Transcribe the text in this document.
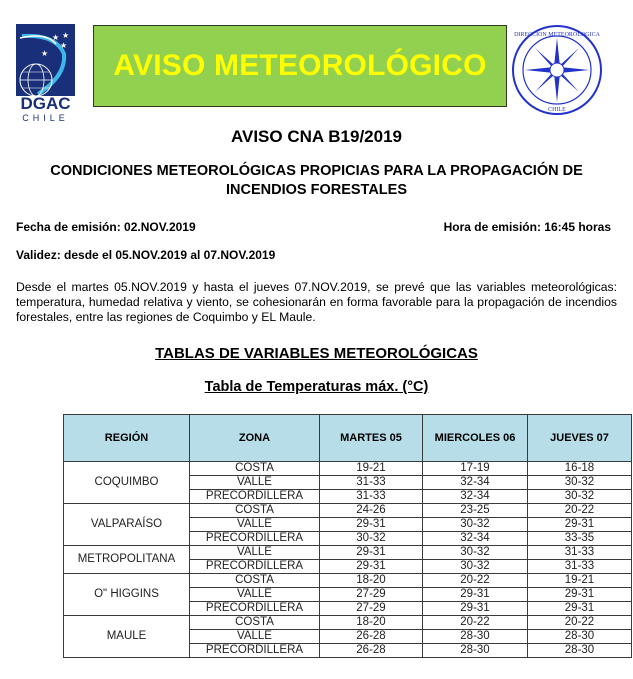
★ ★
★
★
DGAC
CHILE
AVISO METEOROLÓGICO
DIRECCION METEOROLOGICA
CHILE
AVISO CNA B19/2019
CONDICIONES METEOROLÓGICAS PROPICIAS PARA LA PROPAGACIÓN DE
INCENDIOS FORESTALES
Fecha de emisión: 02.NOV.2019	Hora de emisión: 16:45 horas
Validez: desde el 05.NOV.2019 al 07.NOV.2019
Desde el martes 05.NOV.2019 y hasta el jueves 07.NOV.2019, se prevé que las variables meteorológicas: temperatura, humedad relativa y viento, se cohesionarán en forma favorable para la propagación de incendios forestales, entre las regiones de Coquimbo y EL Maule.
TABLAS DE VARIABLES METEOROLÓGICAS
Tabla de Temperaturas máx. (°C)
REGIÓN	ZONA	MARTES 05	MIERCOLES 06	JUEVES 07
COQUIMBO	COSTA	19-21	17-19	16-18
	VALLE	31-33	32-34	30-32
	PRECORDILLERA	31-33	32-34	30-32
VALPARAÍSO	COSTA	24-26	23-25	20-22
	VALLE	29-31	30-32	29-31
	PRECORDILLERA	30-32	32-34	33-35
METROPOLITANA	VALLE	29-31	30-32	31-33
	PRECORDILLERA	29-31	30-32	31-33
O" HIGGINS	COSTA	18-20	20-22	19-21
	VALLE	27-29	29-31	29-31
	PRECORDILLERA	27-29	29-31	29-31
MAULE	COSTA	18-20	20-22	20-22
	VALLE	26-28	28-30	28-30
	PRECORDILLERA	26-28	28-30	28-30
